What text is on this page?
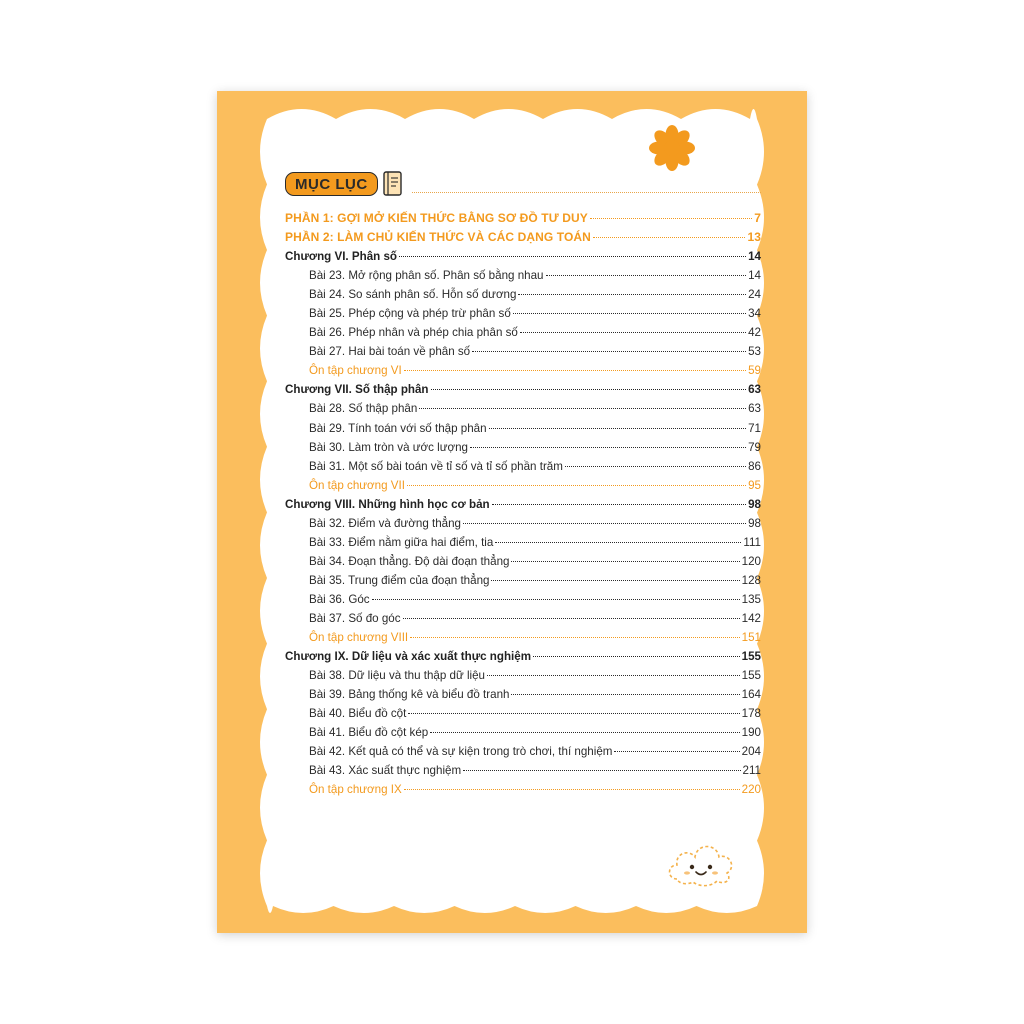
MỤC LỤC
PHẦN 1: GỢI MỞ KIẾN THỨC BẰNG SƠ ĐỒ TƯ DUY	7
PHẦN 2: LÀM CHỦ KIẾN THỨC VÀ CÁC DẠNG TOÁN	13
Chương VI. Phân số	14
Bài 23. Mở rộng phân số. Phân số bằng nhau	14
Bài 24. So sánh phân số. Hỗn số dương	24
Bài 25. Phép cộng và phép trừ phân số	34
Bài 26. Phép nhân và phép chia phân số	42
Bài 27. Hai bài toán về phân số	53
Ôn tập chương VI	59
Chương VII. Số thập phân	63
Bài 28. Số thập phân	63
Bài 29. Tính toán với số thập phân	71
Bài 30. Làm tròn và ước lượng	79
Bài 31. Một số bài toán về tỉ số và tỉ số phần trăm	86
Ôn tập chương VII	95
Chương VIII. Những hình học cơ bản	98
Bài 32. Điểm và đường thẳng	98
Bài 33. Điểm nằm giữa hai điểm, tia	111
Bài 34. Đoạn thẳng. Độ dài đoạn thẳng	120
Bài 35. Trung điểm của đoạn thẳng	128
Bài 36. Góc	135
Bài 37. Số đo góc	142
Ôn tập chương VIII	151
Chương IX. Dữ liệu và xác xuất thực nghiệm	155
Bài 38. Dữ liệu và thu thập dữ liệu	155
Bài 39. Bảng thống kê và biểu đồ tranh	164
Bài 40. Biểu đồ cột	178
Bài 41. Biểu đồ cột kép	190
Bài 42. Kết quả có thể và sự kiện trong trò chơi, thí nghiệm	204
Bài 43. Xác suất thực nghiệm	211
Ôn tập chương IX	220
